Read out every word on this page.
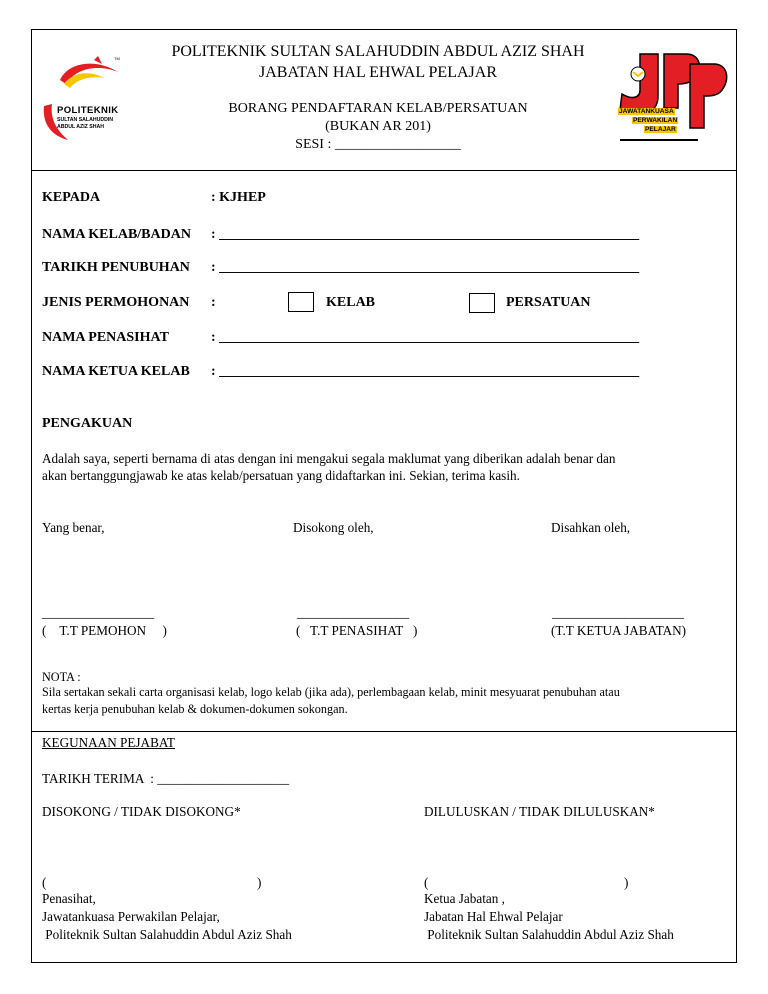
TM
POLITEKNIK
SULTAN SALAHUDDIN
ABDUL AZIZ SHAH
JAWATANKUASA
PERWAKILAN
PELAJAR
POLITEKNIK SULTAN SALAHUDDIN ABDUL AZIZ SHAH
JABATAN HAL EHWAL PELAJAR
BORANG PENDAFTARAN KELAB/PERSATUAN
(BUKAN AR 201)
SESI : __________________
KEPADA	: KJHEP
NAMA KELAB/BADAN : ____________________________________________________________
TARIKH PENUBUHAN : ____________________________________________________________
JENIS PERMOHONAN :	KELAB	PERSATUAN
NAMA PENASIHAT	: ____________________________________________________________
NAMA KETUA KELAB : ____________________________________________________________
PENGAKUAN
Adalah saya, seperti bernama di atas dengan ini mengakui segala maklumat yang diberikan adalah benar dan
akan bertanggungjawab ke atas kelab/persatuan yang didaftarkan ini. Sekian, terima kasih.
Yang benar,	Disokong oleh,	Disahkan oleh,
_________________	_________________	____________________
(    T.T PEMOHON     )	(   T.T PENASIHAT   )	(T.T KETUA JABATAN)
NOTA :
Sila sertakan sekali carta organisasi kelab, logo kelab (jika ada), perlembagaan kelab, minit mesyuarat penubuhan atau
kertas kerja penubuhan kelab & dokumen-dokumen sokongan.
KEGUNAAN PEJABAT
TARIKH TERIMA  : ____________________
DISOKONG / TIDAK DISOKONG*	DILULUSKAN / TIDAK DILULUSKAN*
(	)	(	)
Penasihat,
Jawatankuasa Perwakilan Pelajar,
Politeknik Sultan Salahuddin Abdul Aziz Shah
Ketua Jabatan ,
Jabatan Hal Ehwal Pelajar
Politeknik Sultan Salahuddin Abdul Aziz Shah
